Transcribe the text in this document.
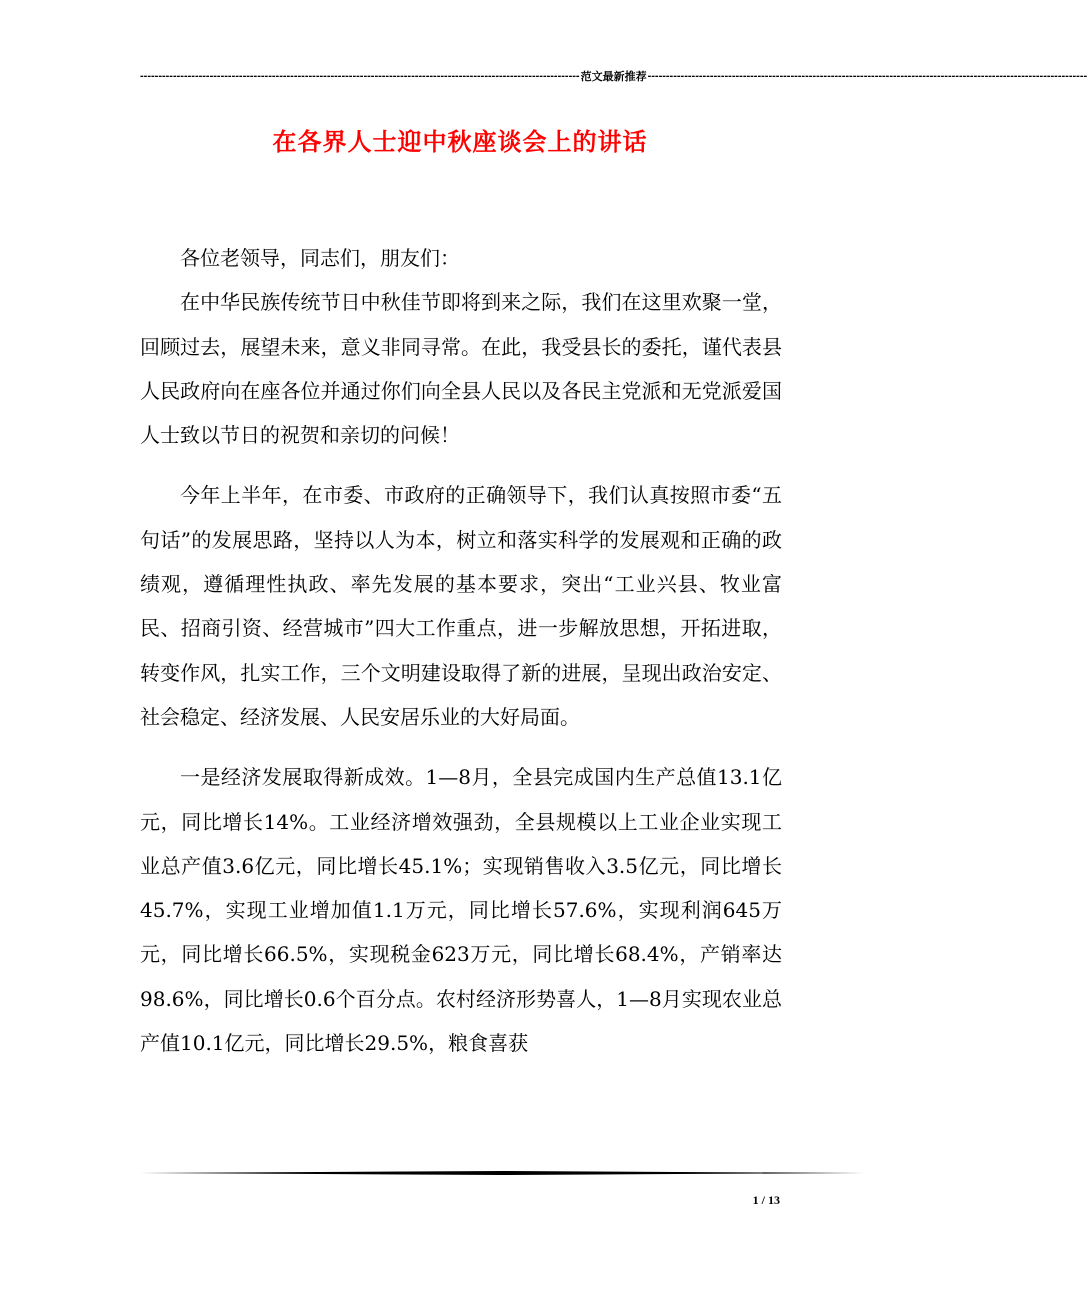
------------------------------------------------------------------------------------------------------------------------ 范文最新推荐 ------------------------------------------------------------------------------------------------------------------------
在各界人士迎中秋座谈会上的讲话

各位老领导，同志们，朋友们：

在中华民族传统节日中秋佳节即将到来之际，我们在这里欢聚一堂，回顾过去，展望未来，意义非同寻常。在此，我受县长的委托，谨代表县人民政府向在座各位并通过你们向全县人民以及各民主党派和无党派爱国人士致以节日的祝贺和亲切的问候！

今年上半年，在市委、市政府的正确领导下，我们认真按照市委“五句话”的发展思路，坚持以人为本，树立和落实科学的发展观和正确的政绩观，遵循理性执政、率先发展的基本要求，突出“工业兴县、牧业富民、招商引资、经营城市”四大工作重点，进一步解放思想，开拓进取，转变作风，扎实工作，三个文明建设取得了新的进展，呈现出政治安定、社会稳定、经济发展、人民安居乐业的大好局面。

一是经济发展取得新成效。1—8月，全县完成国内生产总值13.1亿元，同比增长14%。工业经济增效强劲，全县规模以上工业企业实现工业总产值3.6亿元，同比增长45.1%；实现销售收入3.5亿元，同比增长45.7%，实现工业增加值1.1万元，同比增长57.6%，实现利润645万元，同比增长66.5%，实现税金623万元，同比增长68.4%，产销率达98.6%，同比增长0.6个百分点。农村经济形势喜人，1—8月实现农业总产值10.1亿元，同比增长29.5%，粮食喜获

1 / 13
